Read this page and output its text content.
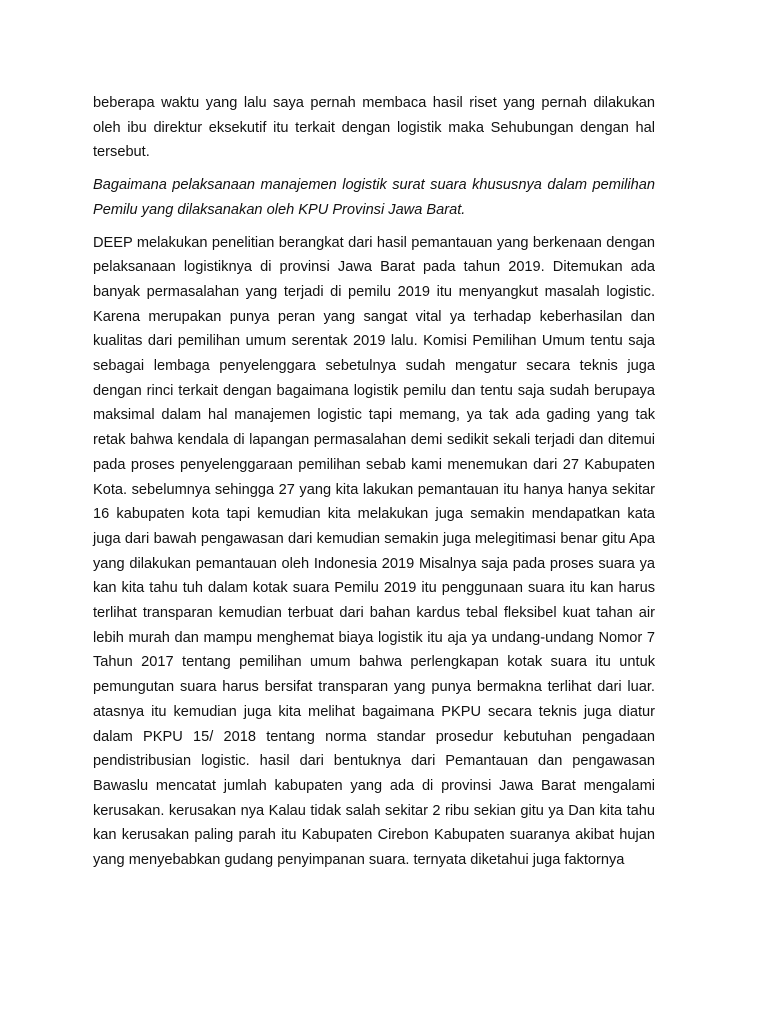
beberapa waktu yang lalu saya pernah membaca hasil riset yang pernah dilakukan oleh ibu direktur eksekutif itu terkait dengan logistik maka Sehubungan dengan hal tersebut.

Bagaimana pelaksanaan manajemen logistik surat suara khususnya dalam pemilihan Pemilu yang dilaksanakan oleh KPU Provinsi Jawa Barat.

DEEP melakukan penelitian berangkat dari hasil pemantauan yang berkenaan dengan pelaksanaan logistiknya di provinsi Jawa Barat pada tahun 2019. Ditemukan ada banyak permasalahan yang terjadi di pemilu 2019 itu menyangkut masalah logistic. Karena merupakan punya peran yang sangat vital ya terhadap keberhasilan dan kualitas dari pemilihan umum serentak 2019 lalu. Komisi Pemilihan Umum tentu saja sebagai lembaga penyelenggara sebetulnya sudah mengatur secara teknis juga dengan rinci terkait dengan bagaimana logistik pemilu dan tentu saja sudah berupaya maksimal dalam hal manajemen logistic tapi memang, ya tak ada gading yang tak retak bahwa kendala di lapangan permasalahan demi sedikit sekali terjadi dan ditemui pada proses penyelenggaraan pemilihan sebab kami menemukan dari 27 Kabupaten Kota. sebelumnya sehingga 27 yang kita lakukan pemantauan itu hanya hanya sekitar 16 kabupaten kota tapi kemudian kita melakukan juga semakin mendapatkan kata juga dari bawah pengawasan dari kemudian semakin juga melegitimasi benar gitu Apa yang dilakukan pemantauan oleh Indonesia 2019 Misalnya saja pada proses suara ya kan kita tahu tuh dalam kotak suara Pemilu 2019 itu penggunaan suara itu kan harus terlihat transparan kemudian terbuat dari bahan kardus tebal fleksibel kuat tahan air lebih murah dan mampu menghemat biaya logistik itu aja ya undang-undang Nomor 7 Tahun 2017 tentang pemilihan umum bahwa perlengkapan kotak suara itu untuk pemungutan suara harus bersifat transparan yang punya bermakna terlihat dari luar. atasnya itu kemudian juga kita melihat bagaimana PKPU secara teknis juga diatur dalam PKPU 15/ 2018 tentang norma standar prosedur kebutuhan pengadaan pendistribusian logistic. hasil dari bentuknya dari Pemantauan dan pengawasan Bawaslu mencatat jumlah kabupaten yang ada di provinsi Jawa Barat mengalami kerusakan. kerusakan nya Kalau tidak salah sekitar 2 ribu sekian gitu ya Dan kita tahu kan kerusakan paling parah itu Kabupaten Cirebon Kabupaten suaranya akibat hujan yang menyebabkan gudang penyimpanan suara. ternyata diketahui juga faktornya
